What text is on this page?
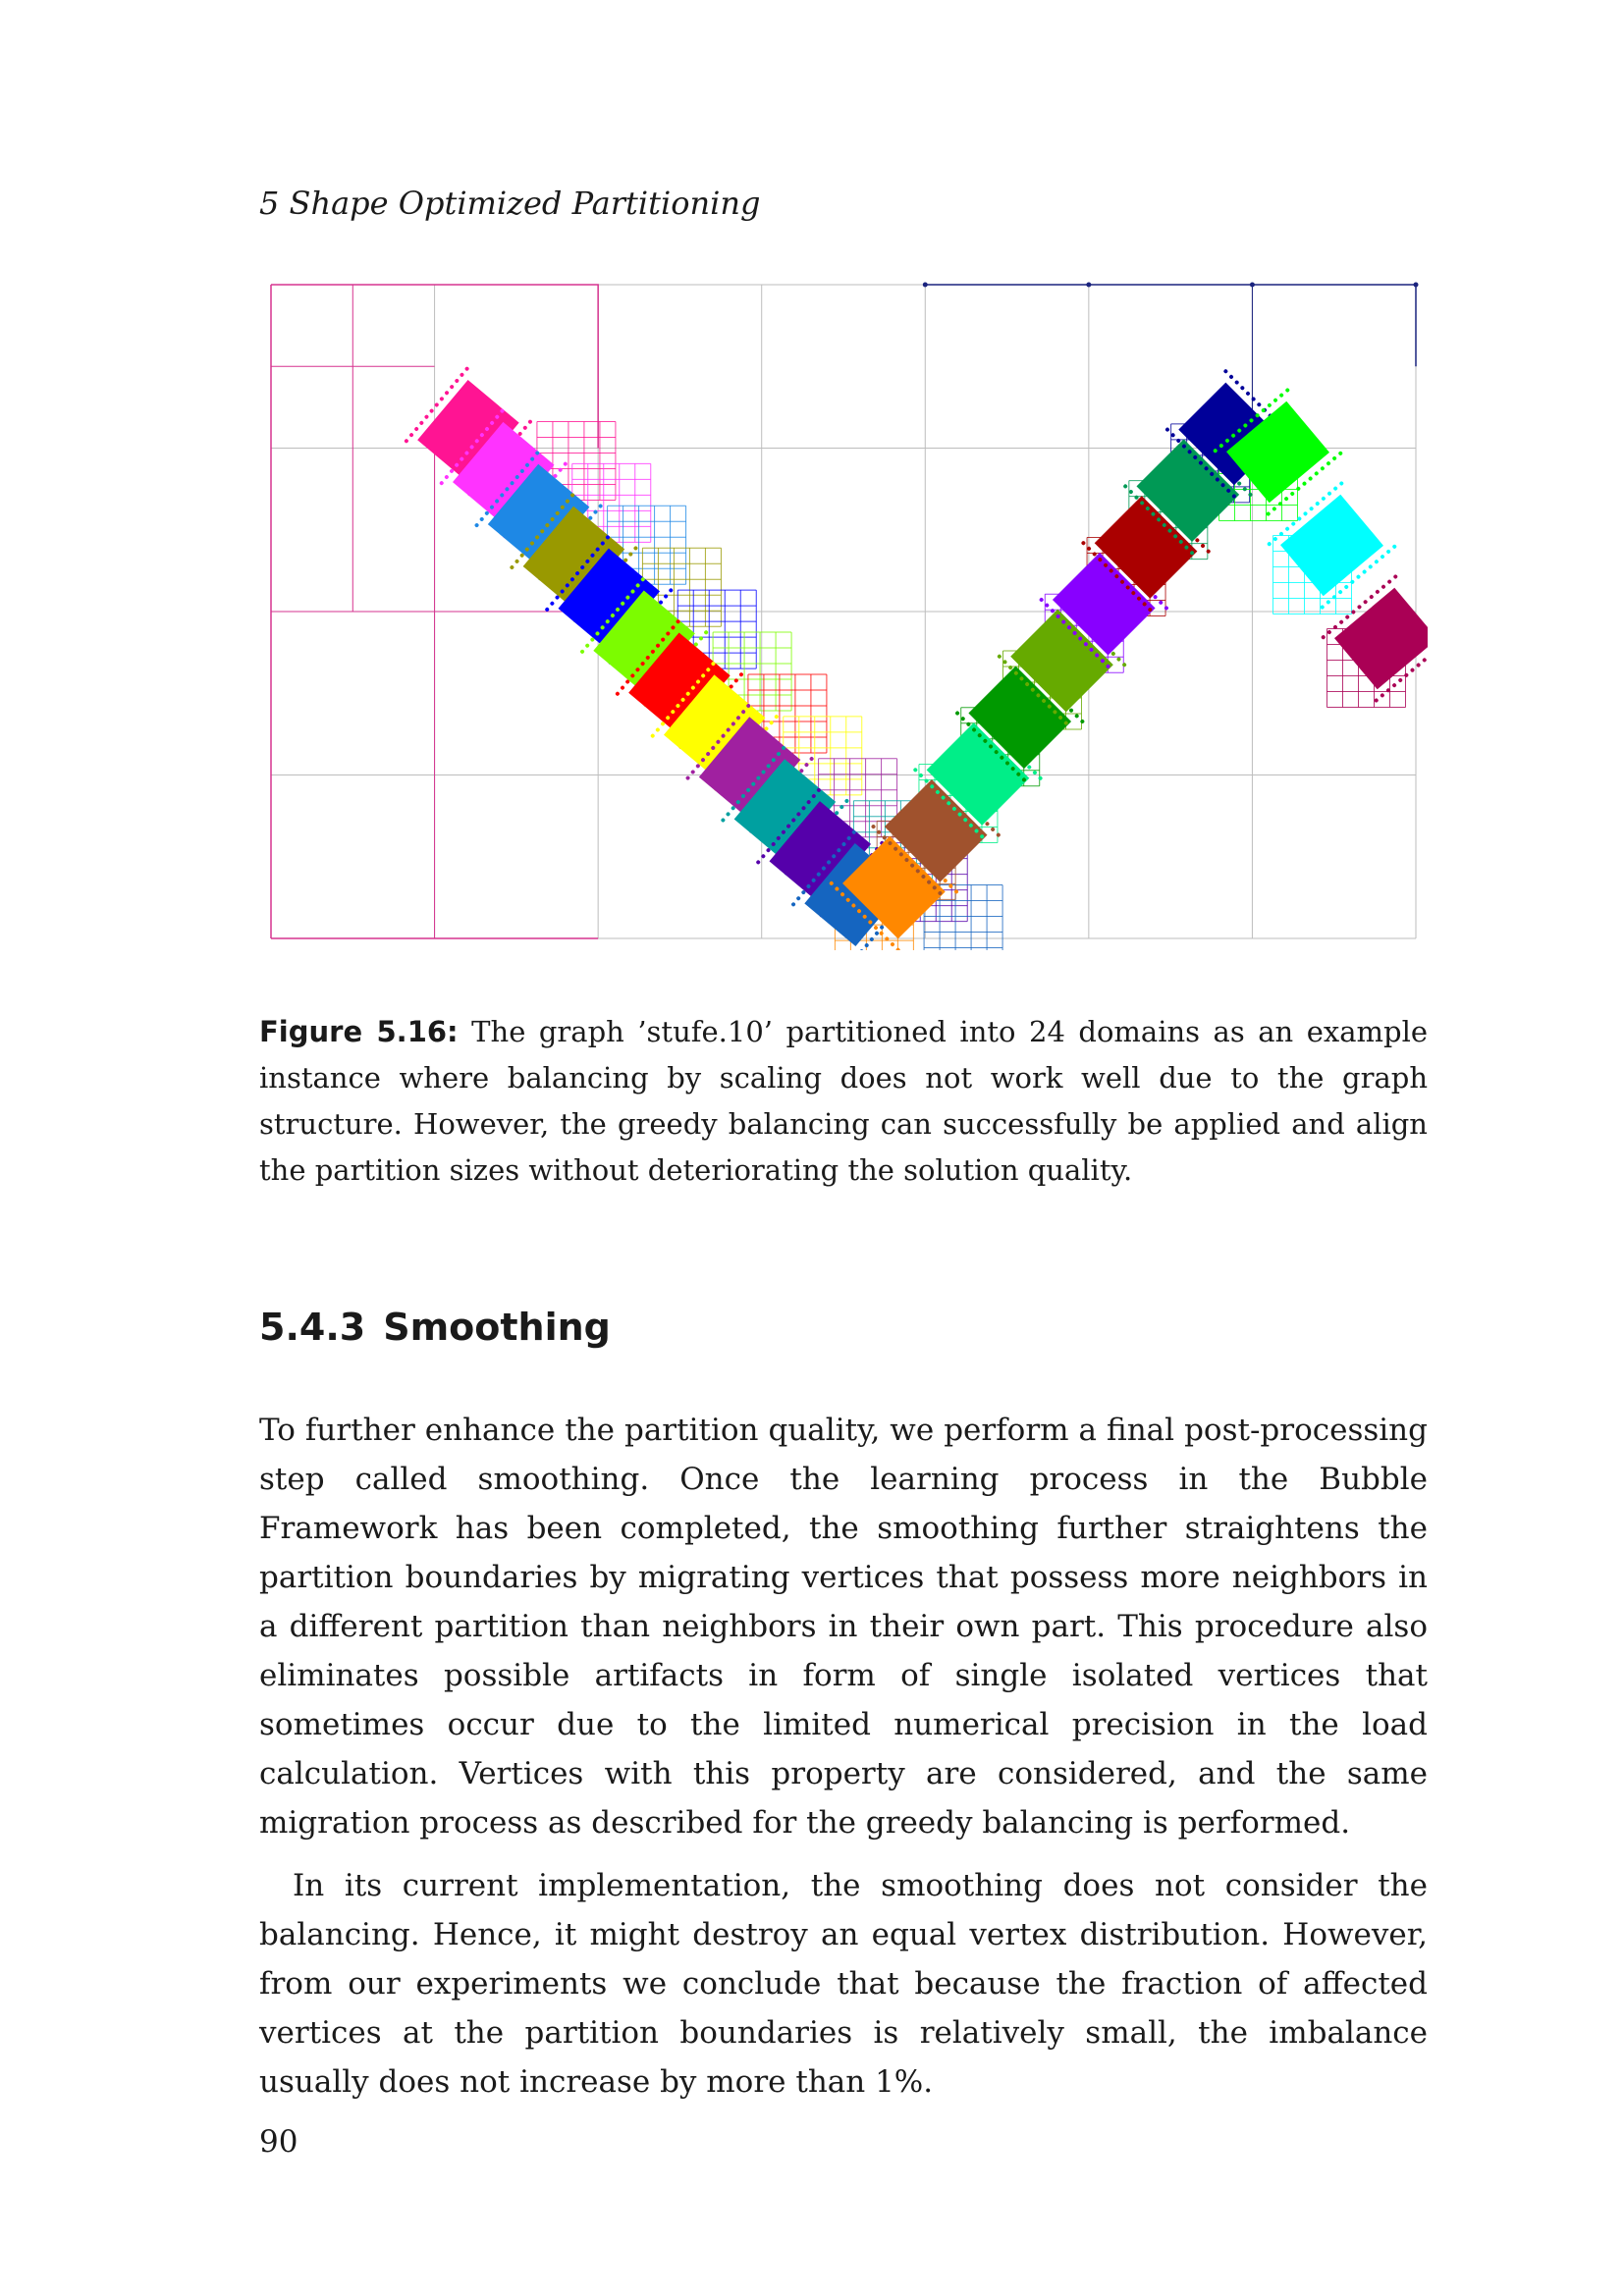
5 Shape Optimized Partitioning
Figure 5.16: The graph ’stufe.10’ partitioned into 24 domains as an example instance where balancing by scaling does not work well due to the graph structure. However, the greedy balancing can successfully be applied and align the partition sizes without deteriorating the solution quality.
5.4.3 Smoothing

To further enhance the partition quality, we perform a final post-processing step called smoothing. Once the learning process in the Bubble Framework has been completed, the smoothing further straightens the partition boundaries by migrating vertices that possess more neighbors in a different partition than neighbors in their own part. This procedure also eliminates possible artifacts in form of single isolated vertices that sometimes occur due to the limited numerical precision in the load calculation. Vertices with this property are considered, and the same migration process as described for the greedy balancing is performed.

In its current implementation, the smoothing does not consider the balancing. Hence, it might destroy an equal vertex distribution. However, from our experiments we conclude that because the fraction of affected vertices at the partition boundaries is relatively small, the imbalance usually does not increase by more than 1%.

90
